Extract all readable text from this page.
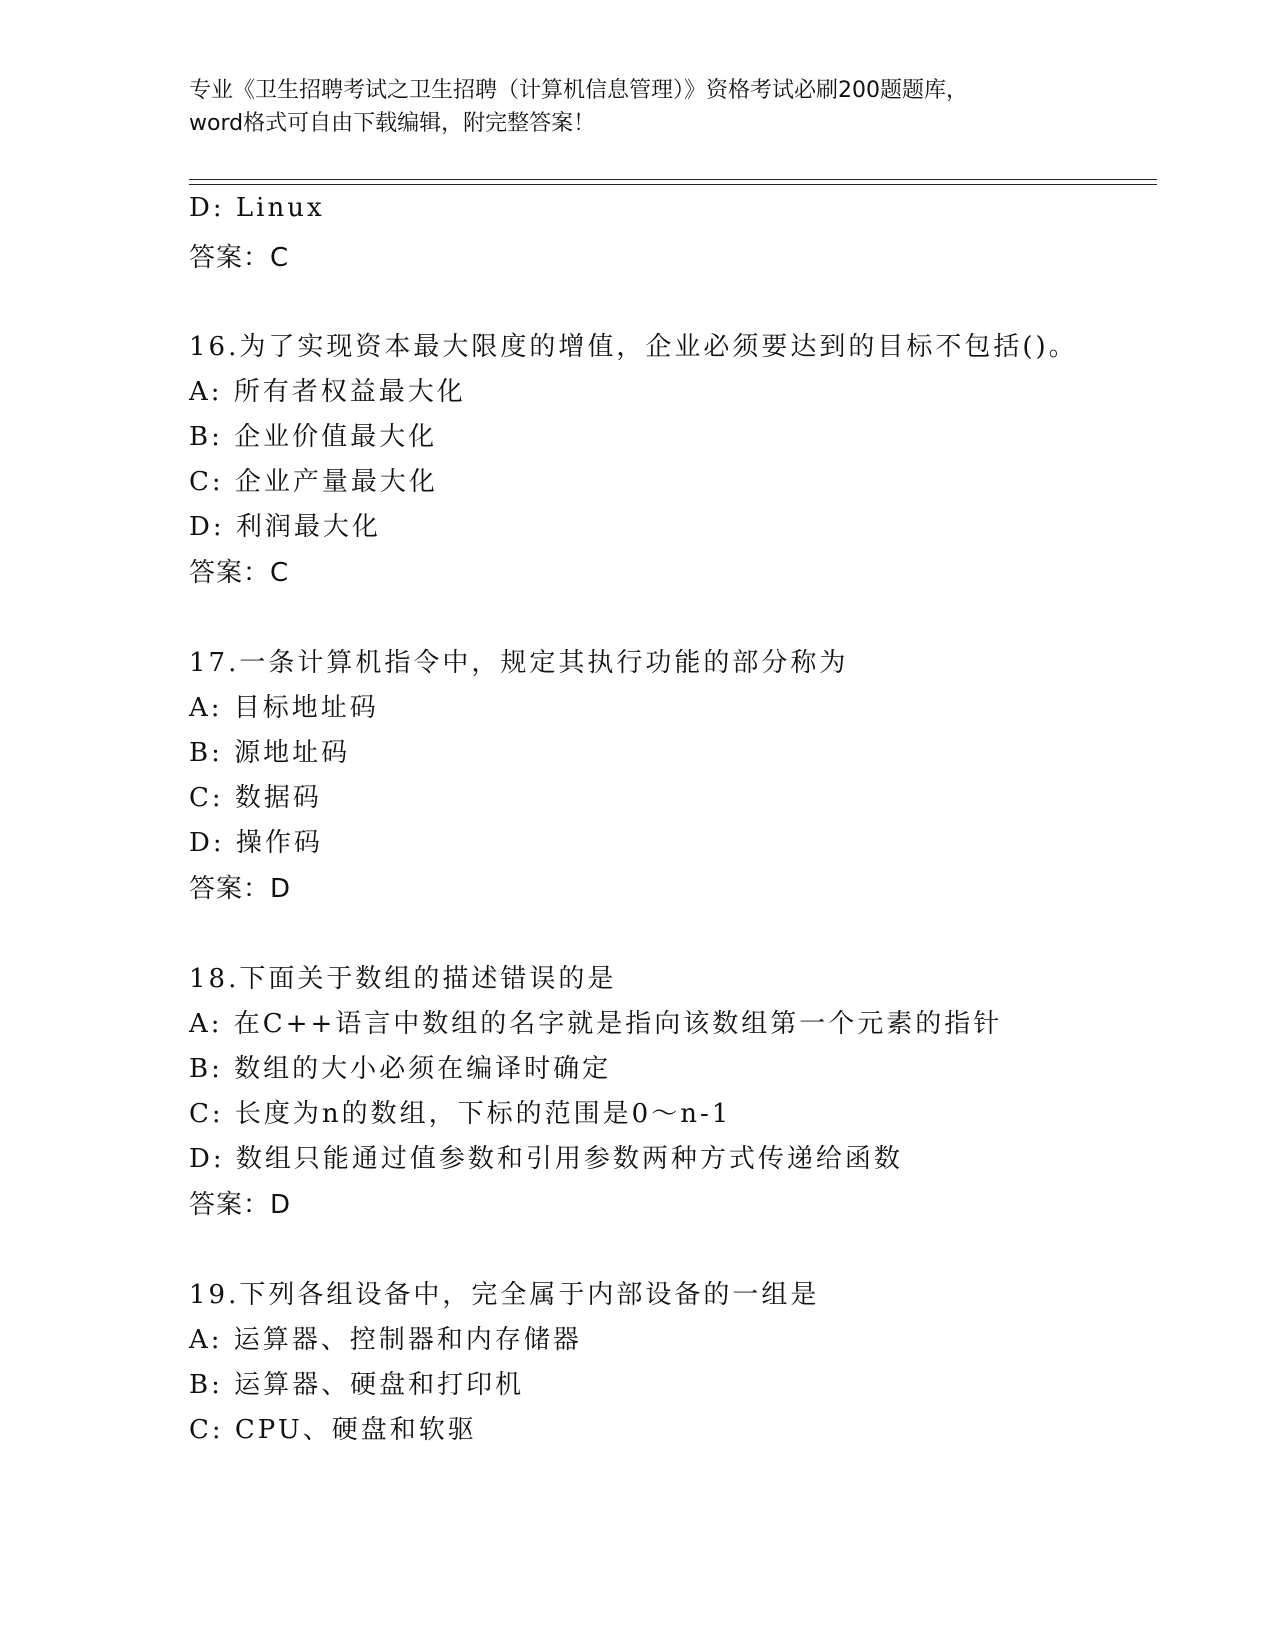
专业《卫生招聘考试之卫生招聘（计算机信息管理）》资格考试必刷200题题库，
word格式可自由下载编辑，附完整答案！
D: Linux
答案：C
16.为了实现资本最大限度的增值，企业必须要达到的目标不包括()。
A: 所有者权益最大化
B: 企业价值最大化
C: 企业产量最大化
D: 利润最大化
答案：C
17.一条计算机指令中，规定其执行功能的部分称为
A: 目标地址码
B: 源地址码
C: 数据码
D: 操作码
答案：D
18.下面关于数组的描述错误的是
A: 在C++语言中数组的名字就是指向该数组第一个元素的指针
B: 数组的大小必须在编译时确定
C: 长度为n的数组，下标的范围是0～n-1
D: 数组只能通过值参数和引用参数两种方式传递给函数
答案：D
19.下列各组设备中，完全属于内部设备的一组是
A: 运算器、控制器和内存储器
B: 运算器、硬盘和打印机
C: CPU、硬盘和软驱
